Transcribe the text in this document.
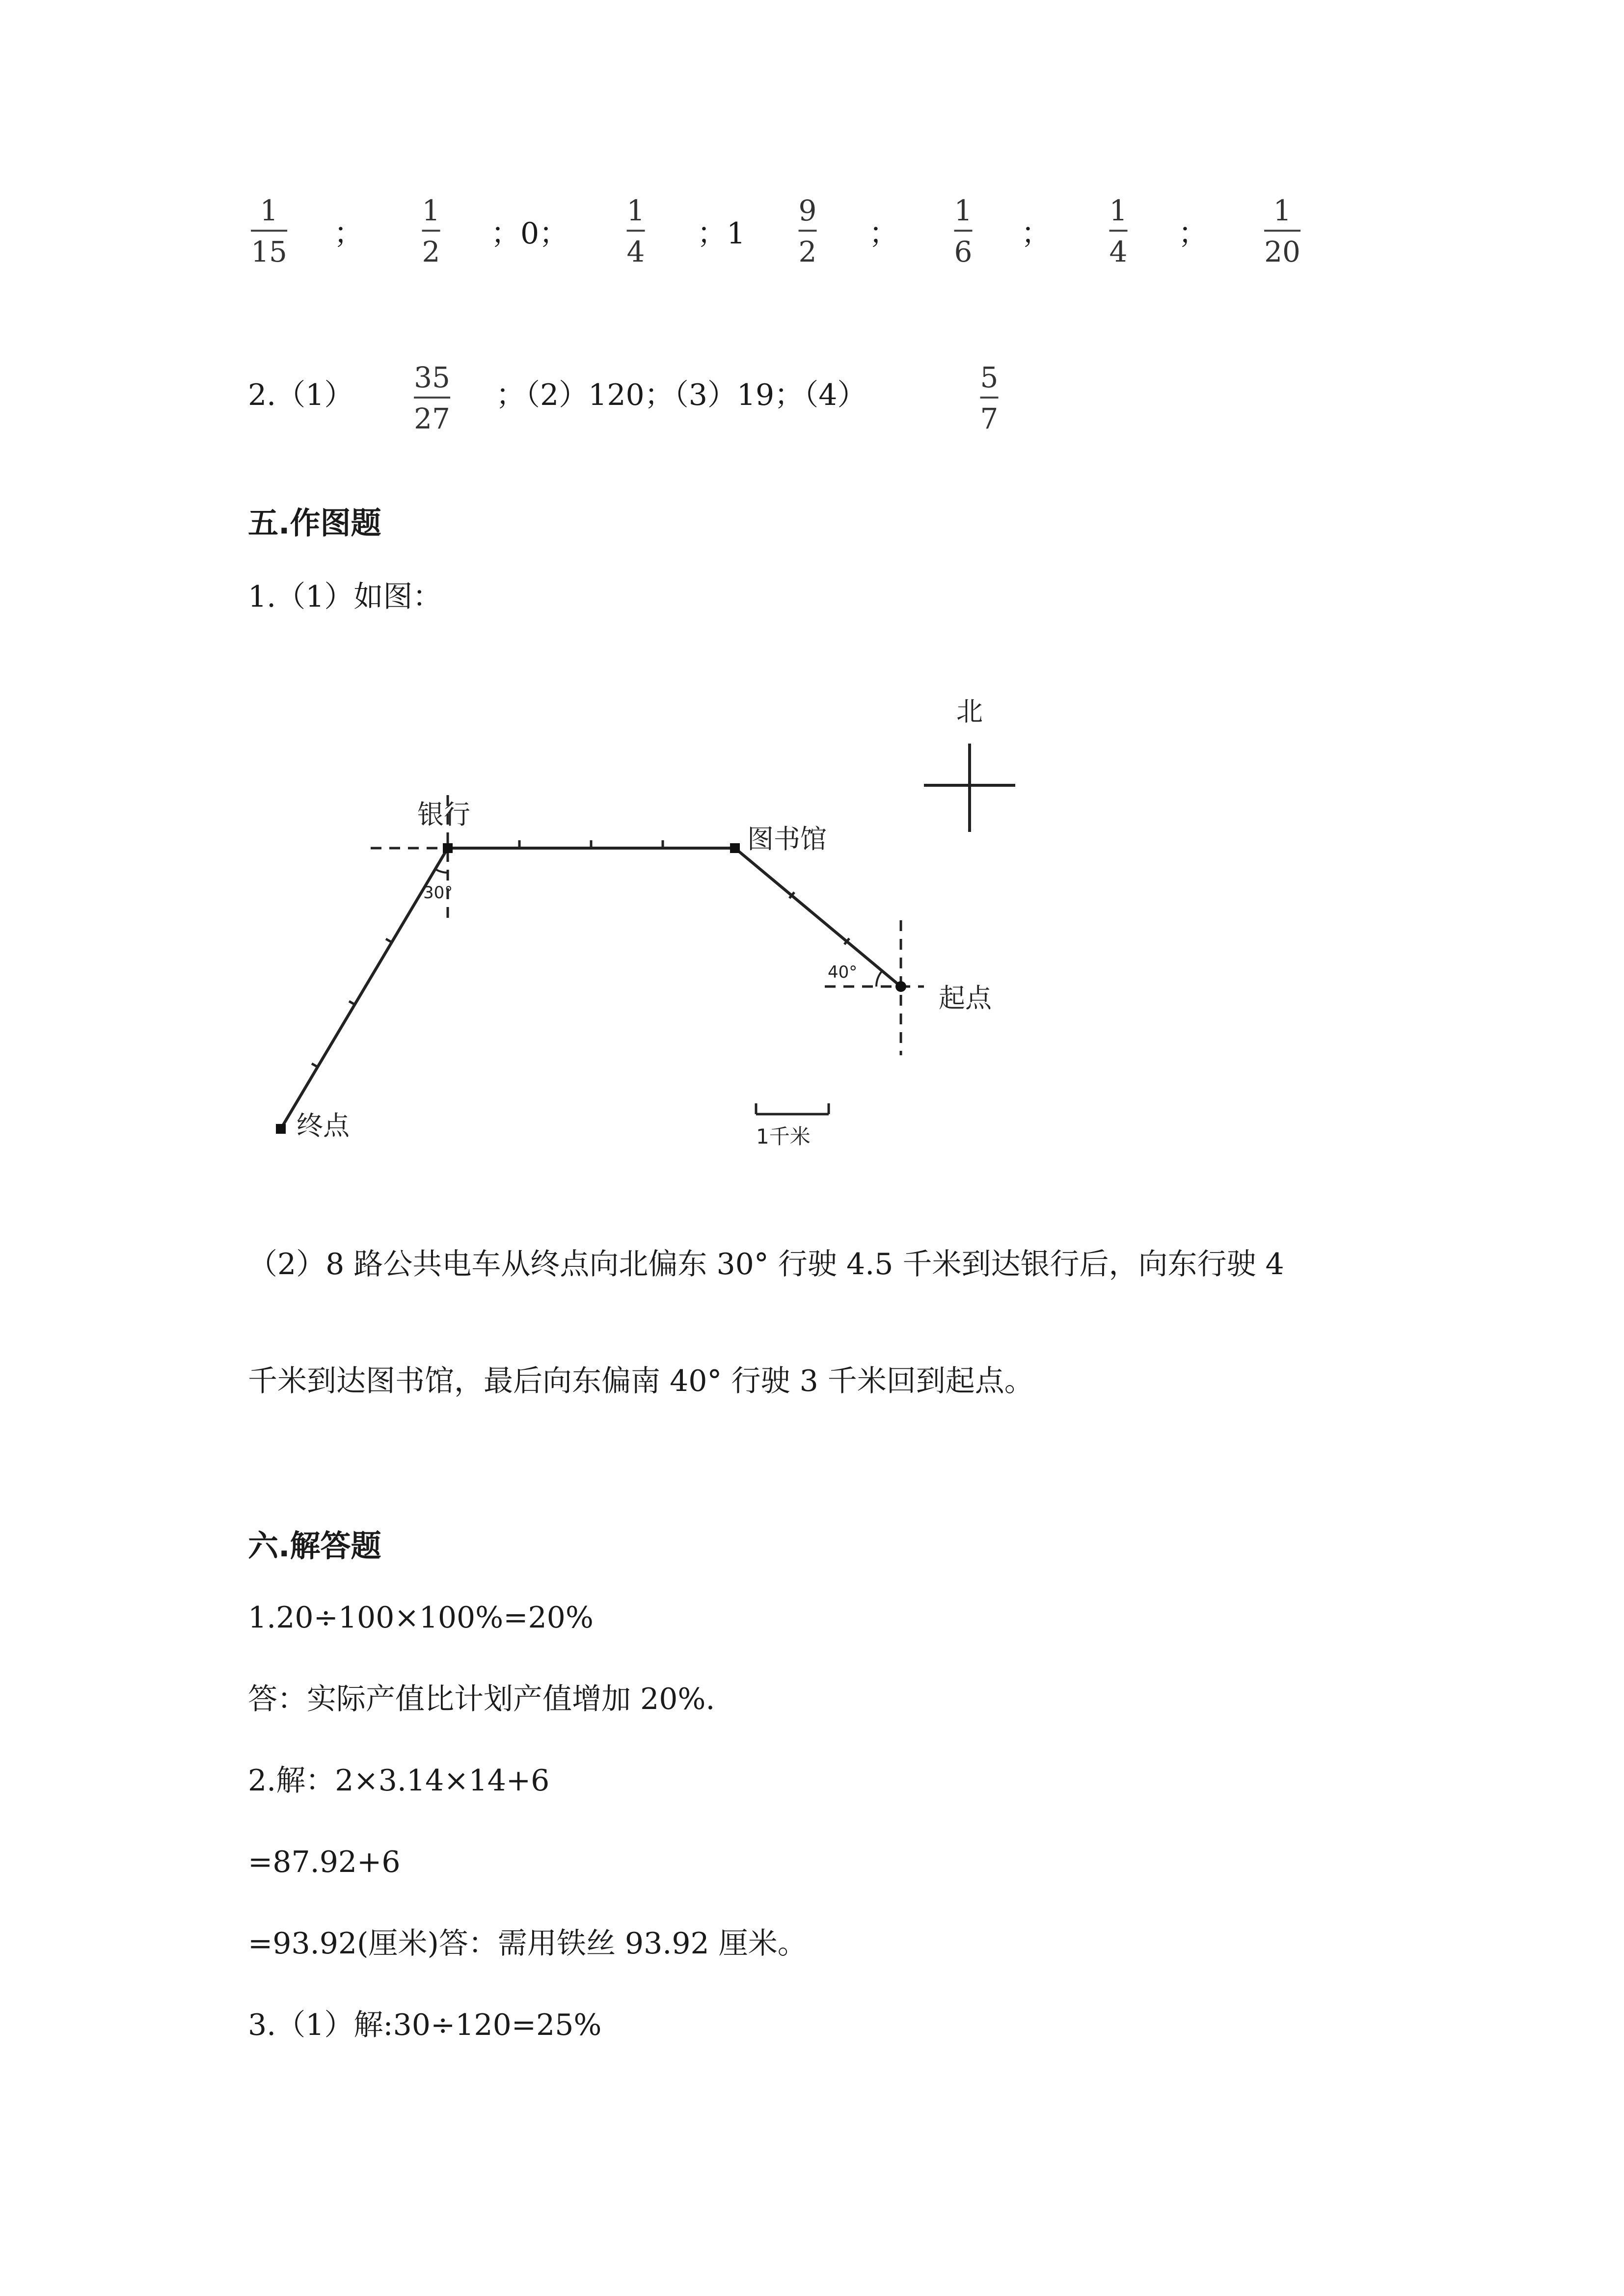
1
15
；
1
2
；0；
1
4
；1
9
2
；
1
6
；
1
4
；
1
20
2.（1）
35
27
；（2）120；（3）19；（4）
5
7
五.作图题
1.（1）如图：
北
银行
图书馆
起点
终点
30°
40°
1千米
（2）8 路公共电车从终点向北偏东 30° 行驶 4.5 千米到达银行后，向东行驶 4
千米到达图书馆，最后向东偏南 40° 行驶 3 千米回到起点。
六.解答题
1.20÷100×100%=20%
答：实际产值比计划产值增加 20%.
2.解：2×3.14×14+6
=87.92+6
=93.92(厘米)答：需用铁丝 93.92 厘米。
3.（1）解:30÷120=25%
